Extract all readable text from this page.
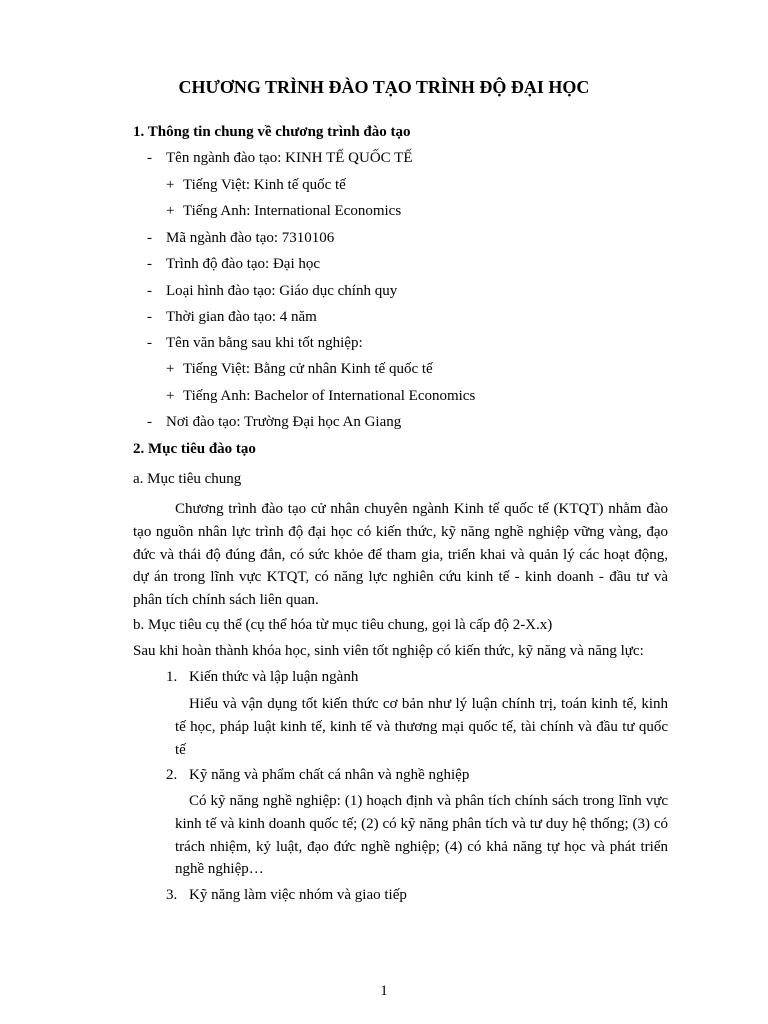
CHƯƠNG TRÌNH ĐÀO TẠO TRÌNH ĐỘ ĐẠI HỌC
1. Thông tin chung về chương trình đào tạo
- Tên ngành đào tạo: KINH TẾ QUỐC TẾ
+ Tiếng Việt: Kinh tế quốc tế
+ Tiếng Anh: International Economics
- Mã ngành đào tạo: 7310106
- Trình độ đào tạo: Đại học
- Loại hình đào tạo: Giáo dục chính quy
- Thời gian đào tạo: 4 năm
- Tên văn bằng sau khi tốt nghiệp:
+ Tiếng Việt: Bằng cử nhân Kinh tế quốc tế
+ Tiếng Anh: Bachelor of International Economics
- Nơi đào tạo: Trường Đại học An Giang
2. Mục tiêu đào tạo
a. Mục tiêu chung

Chương trình đào tạo cử nhân chuyên ngành Kinh tế quốc tế (KTQT) nhằm đào tạo nguồn nhân lực trình độ đại học có kiến thức, kỹ năng nghề nghiệp vững vàng, đạo đức và thái độ đúng đắn, có sức khỏe để tham gia, triển khai và quản lý các hoạt động, dự án trong lĩnh vực KTQT, có năng lực nghiên cứu kinh tế - kinh doanh - đầu tư và phân tích chính sách liên quan.

b. Mục tiêu cụ thể (cụ thể hóa từ mục tiêu chung, gọi là cấp độ 2-X.x)
Sau khi hoàn thành khóa học, sinh viên tốt nghiệp có kiến thức, kỹ năng và năng lực:
1. Kiến thức và lập luận ngành

Hiểu và vận dụng tốt kiến thức cơ bản như lý luận chính trị, toán kinh tế, kinh tế học, pháp luật kinh tế, kinh tế và thương mại quốc tế, tài chính và đầu tư quốc tế

2. Kỹ năng và phẩm chất cá nhân và nghề nghiệp

Có kỹ năng nghề nghiệp: (1) hoạch định và phân tích chính sách trong lĩnh vực kinh tế và kinh doanh quốc tế; (2) có kỹ năng phân tích và tư duy hệ thống; (3) có trách nhiệm, kỷ luật, đạo đức nghề nghiệp; (4) có khả năng tự học và phát triển nghề nghiệp…

3. Kỹ năng làm việc nhóm và giao tiếp
1
